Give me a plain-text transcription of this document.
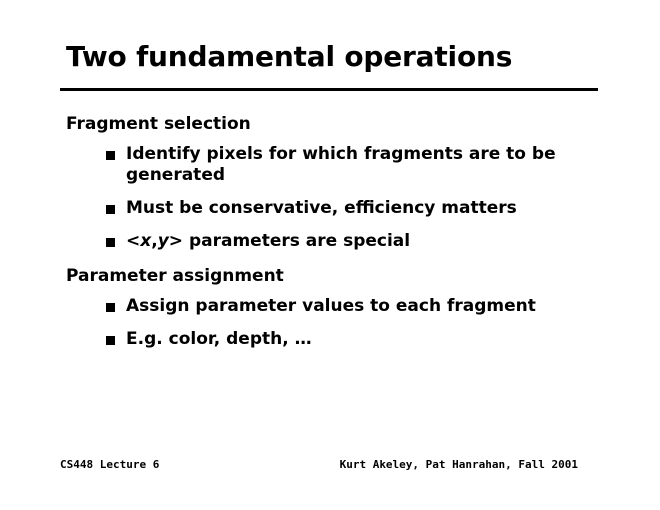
Two fundamental operations
Fragment selection
Identify pixels for which fragments are to be generated
Must be conservative, efficiency matters
<x,y> parameters are special
Parameter assignment
Assign parameter values to each fragment
E.g. color, depth, …
CS448 Lecture 6	Kurt Akeley, Pat Hanrahan, Fall 2001
